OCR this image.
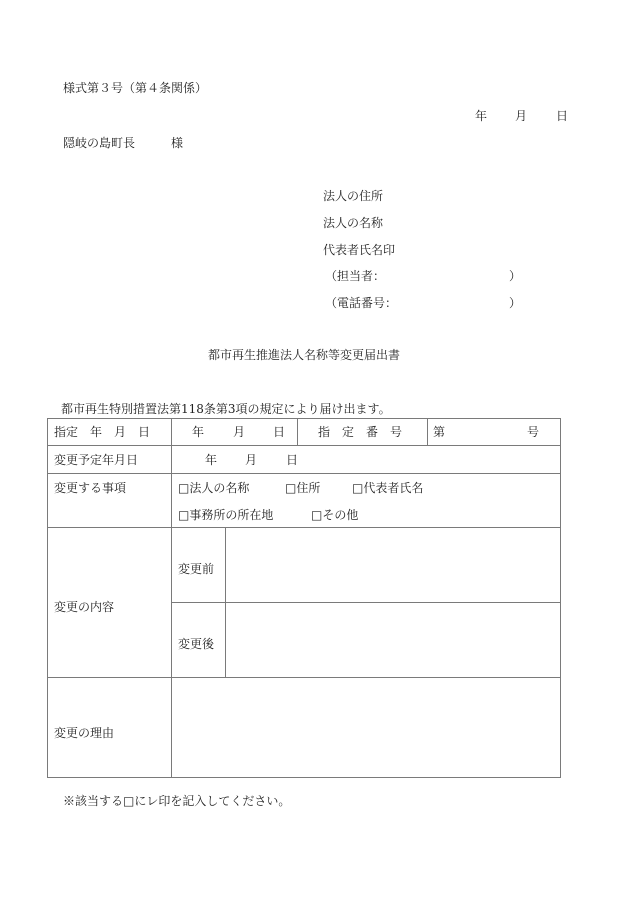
様式第３号（第４条関係）
年 月 日
隠岐の島町長	様
法人の住所
法人の名称
代表者氏名印
（担当者：	）
（電話番号：	）
都市再生推進法人名称等変更届出書
都市再生特別措置法第118条第3項の規定により届け出ます。
指定　年　月　日	年 月 日	指　定　番　号	第	号
変更予定年月日	年 月 日
変更する事項	□法人の名称	□住所	□代表者氏名
□事務所の所在地	□その他
変更の内容
変更前
変更後
変更の理由
※該当する□にレ印を記入してください。
